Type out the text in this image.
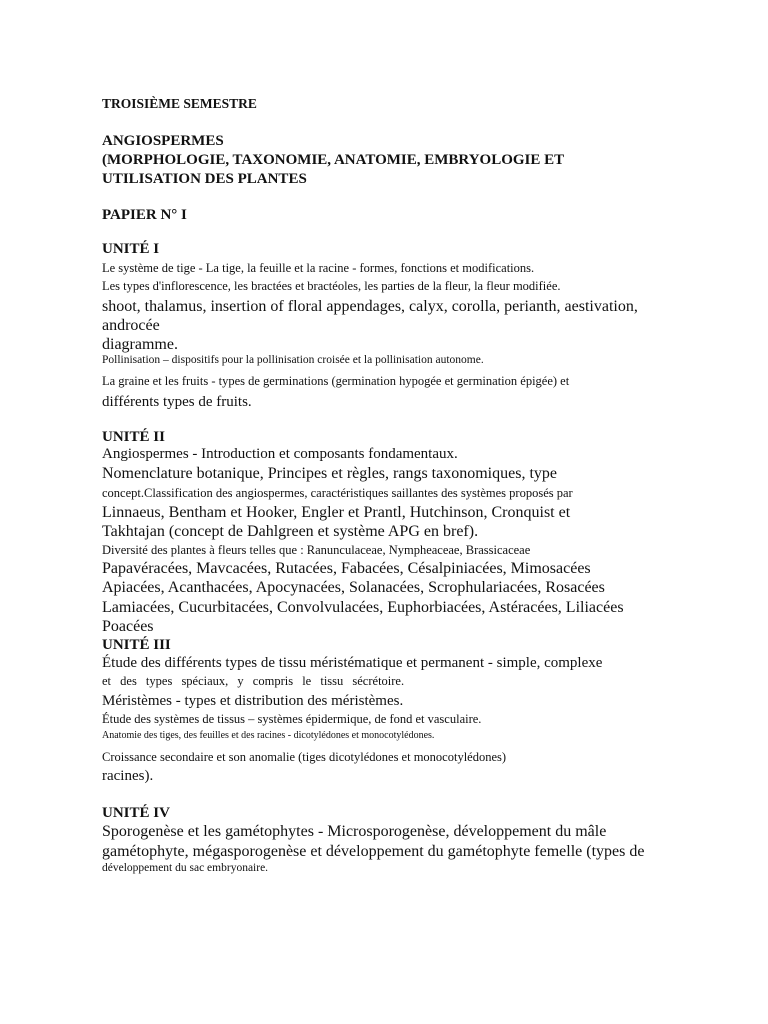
TROISIÈME SEMESTRE
ANGIOSPERMES
(MORPHOLOGIE, TAXONOMIE, ANATOMIE, EMBRYOLOGIE ET
UTILISATION DES PLANTES
PAPIER N° I
UNITÉ I
Le système de tige - La tige, la feuille et la racine - formes, fonctions et modifications.
Les types d'inflorescence, les bractées et bractéoles, les parties de la fleur, la fleur modifiée.
shoot, thalamus, insertion of floral appendages, calyx, corolla, perianth, aestivation,
androcée
diagramme.
Pollinisation – dispositifs pour la pollinisation croisée et la pollinisation autonome.
La graine et les fruits - types de germinations (germination hypogée et germination épigée) et
différents types de fruits.
UNITÉ II
Angiospermes - Introduction et composants fondamentaux.
Nomenclature botanique, Principes et règles, rangs taxonomiques, type
concept.Classification des angiospermes, caractéristiques saillantes des systèmes proposés par
Linnaeus, Bentham et Hooker, Engler et Prantl, Hutchinson, Cronquist et
Takhtajan (concept de Dahlgreen et système APG en bref).
Diversité des plantes à fleurs telles que : Ranunculaceae, Nympheaceae, Brassicaceae
Papavéracées, Mavcacées, Rutacées, Fabacées, Césalpiniacées, Mimosacées
Apiacées, Acanthacées, Apocynacées, Solanacées, Scrophulariacées, Rosacées
Lamiacées, Cucurbitacées, Convolvulacées, Euphorbiacées, Astéracées, Liliacées
Poacées
UNITÉ III
Étude des différents types de tissu méristématique et permanent - simple, complexe
et des types spéciaux, y compris le tissu sécrétoire.
Méristèmes - types et distribution des méristèmes.
Étude des systèmes de tissus – systèmes épidermique, de fond et vasculaire.
Anatomie des tiges, des feuilles et des racines - dicotylédones et monocotylédones.
Croissance secondaire et son anomalie (tiges dicotylédones et monocotylédones)
racines).
UNITÉ IV
Sporogenèse et les gamétophytes - Microsporogenèse, développement du mâle
gamétophyte, mégasporogenèse et développement du gamétophyte femelle (types de
développement du sac embryonaire.
